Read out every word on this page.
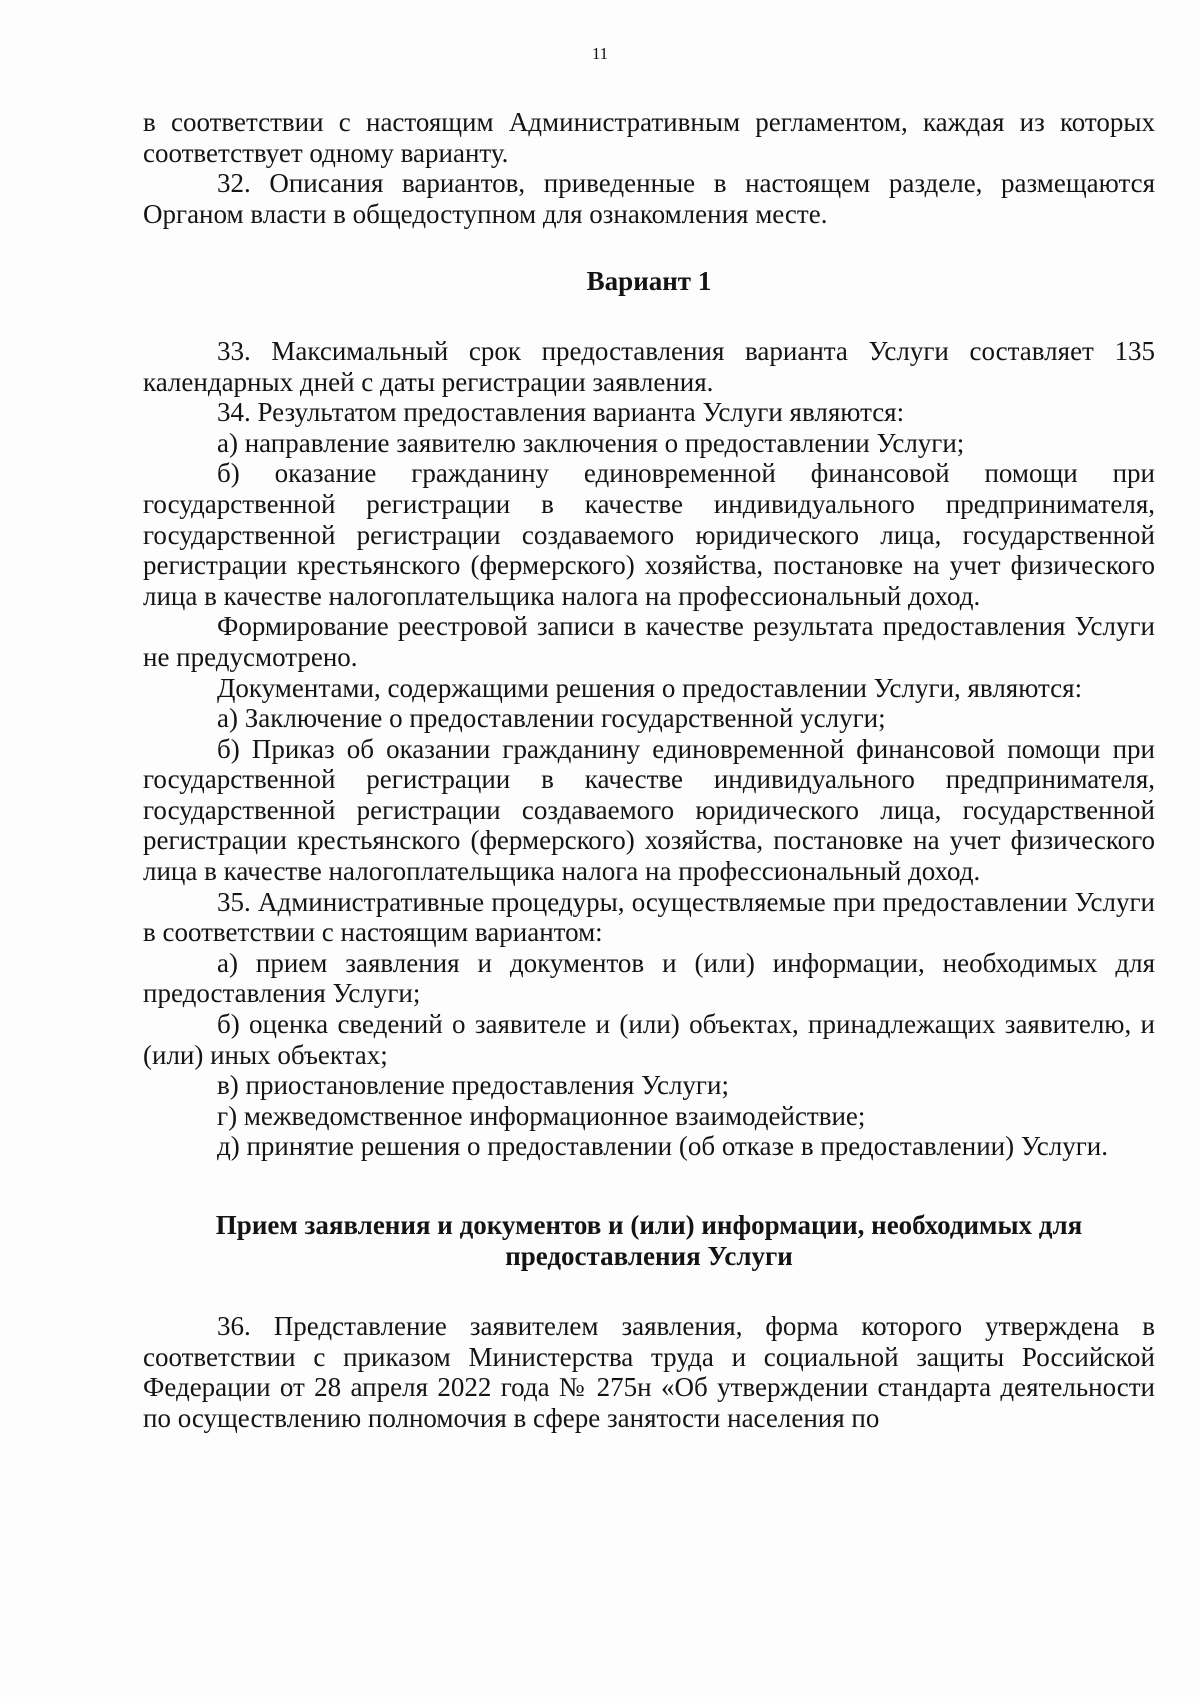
11

в соответствии с настоящим Административным регламентом, каждая из которых соответствует одному варианту.

32. Описания вариантов, приведенные в настоящем разделе, размещаются Органом власти в общедоступном для ознакомления месте.

Вариант 1

33. Максимальный срок предоставления варианта Услуги составляет 135 календарных дней с даты регистрации заявления.

34. Результатом предоставления варианта Услуги являются:

а) направление заявителю заключения о предоставлении Услуги;

б) оказание гражданину единовременной финансовой помощи при государственной регистрации в качестве индивидуального предпринимателя, государственной регистрации создаваемого юридического лица, государственной регистрации крестьянского (фермерского) хозяйства, постановке на учет физического лица в качестве налогоплательщика налога на профессиональный доход.

Формирование реестровой записи в качестве результата предоставления Услуги не предусмотрено.

Документами, содержащими решения о предоставлении Услуги, являются:

а) Заключение о предоставлении государственной услуги;

б) Приказ об оказании гражданину единовременной финансовой помощи при государственной регистрации в качестве индивидуального предпринимателя, государственной регистрации создаваемого юридического лица, государственной регистрации крестьянского (фермерского) хозяйства, постановке на учет физического лица в качестве налогоплательщика налога на профессиональный доход.

35. Административные процедуры, осуществляемые при предоставлении Услуги в соответствии с настоящим вариантом:

а) прием заявления и документов и (или) информации, необходимых для предоставления Услуги;

б) оценка сведений о заявителе и (или) объектах, принадлежащих заявителю, и (или) иных объектах;

в) приостановление предоставления Услуги;

г) межведомственное информационное взаимодействие;

д) принятие решения о предоставлении (об отказе в предоставлении) Услуги.

Прием заявления и документов и (или) информации, необходимых для предоставления Услуги

36. Представление заявителем заявления, форма которого утверждена в соответствии с приказом Министерства труда и социальной защиты Российской Федерации от 28 апреля 2022 года № 275н «Об утверждении стандарта деятельности по осуществлению полномочия в сфере занятости населения по
